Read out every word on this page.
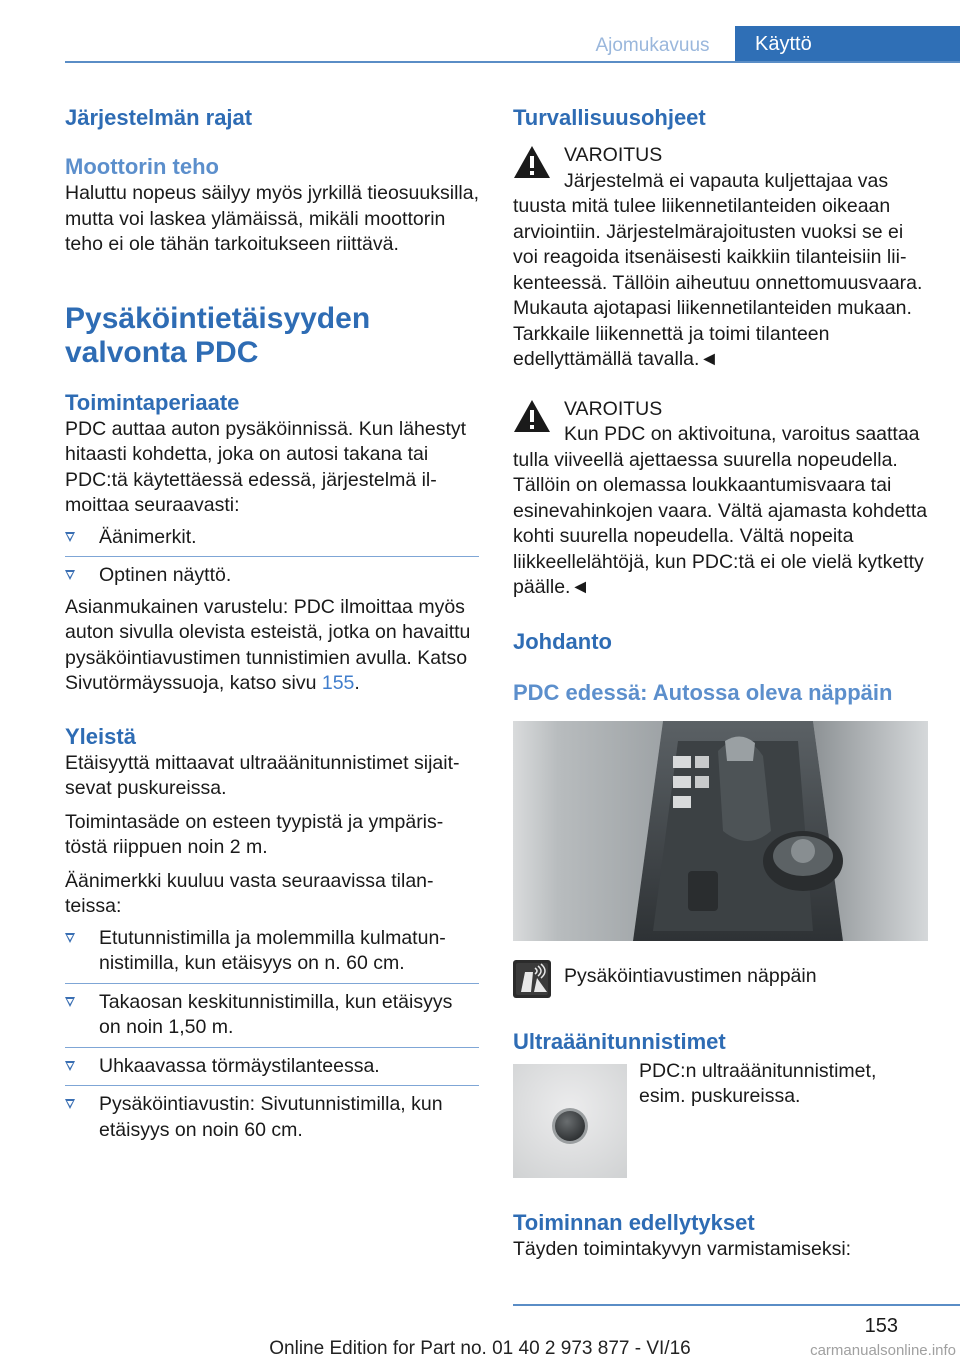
Ajomukavuus	Käyttö
Järjestelmän rajat
Moottorin teho

Haluttu nopeus säilyy myös jyrkillä tieosuuksilla, mutta voi laskea ylämäissä, mikäli moottorin teho ei ole tähän tarkoitukseen riittävä.

Pysäköintietäisyyden valvonta PDC
Toimintaperiaate

PDC auttaa auton pysäköinnissä. Kun lähestyt hitaasti kohdetta, joka on autosi takana tai PDC:tä käytettäessä edessä, järjestelmä ilmoittaa seuraavasti:

Äänimerkit.
Optinen näyttö.

Asianmukainen varustelu: PDC ilmoittaa myös auton sivulla olevista esteistä, jotka on havaittu pysäköintiavustimen tunnistimien avulla. Katso Sivutörmäyssuoja, katso sivu 155.

Yleistä

Etäisyyttä mittaavat ultraäänitunnistimet sijaitsevat puskureissa.

Toimintasäde on esteen tyypistä ja ympäristöstä riippuen noin 2 m.

Äänimerkki kuuluu vasta seuraavissa tilanteissa:

Etutunnistimilla ja molemmilla kulmatunnistimilla, kun etäisyys on n. 60 cm.
Takaosan keskitunnistimilla, kun etäisyys on noin 1,50 m.
Uhkaavassa törmäystilanteessa.
Pysäköintiavustin: Sivutunnistimilla, kun etäisyys on noin 60 cm.
Turvallisuusohjeet
VAROITUS

Järjestelmä ei vapauta kuljettajaa vas

tuusta mitä tulee liikennetilanteiden oikeaan arviointiin. Järjestelmärajoitusten vuoksi se ei voi reagoida itsenäisesti kaikkiin tilanteisiin liikenteessä. Tällöin aiheutuu onnettomuusvaara. Mukauta ajotapasi liikennetilanteiden mukaan. Tarkkaile liikennettä ja toimi tilanteen edellyttämällä tavalla.◄

VAROITUS

Kun PDC on aktivoituna, varoitus saattaa

tulla viiveellä ajettaessa suurella nopeudella. Tällöin on olemassa loukkaantumisvaara tai esinevahinkojen vaara. Vältä ajamasta kohdetta kohti suurella nopeudella. Vältä nopeita liikkeellelähtöjä, kun PDC:tä ei ole vielä kytketty päälle.◄

Johdanto
PDC edessä: Autossa oleva näppäin

Pysäköintiavustimen näppäin

Ultraäänitunnistimet

PDC:n ultraäänitunnistimet, esim. puskureissa.

Toiminnan edellytykset

Täyden toimintakyvyn varmistamiseksi:

153
Online Edition for Part no. 01 40 2 973 877 - VI/16	carmanualsonline.info
